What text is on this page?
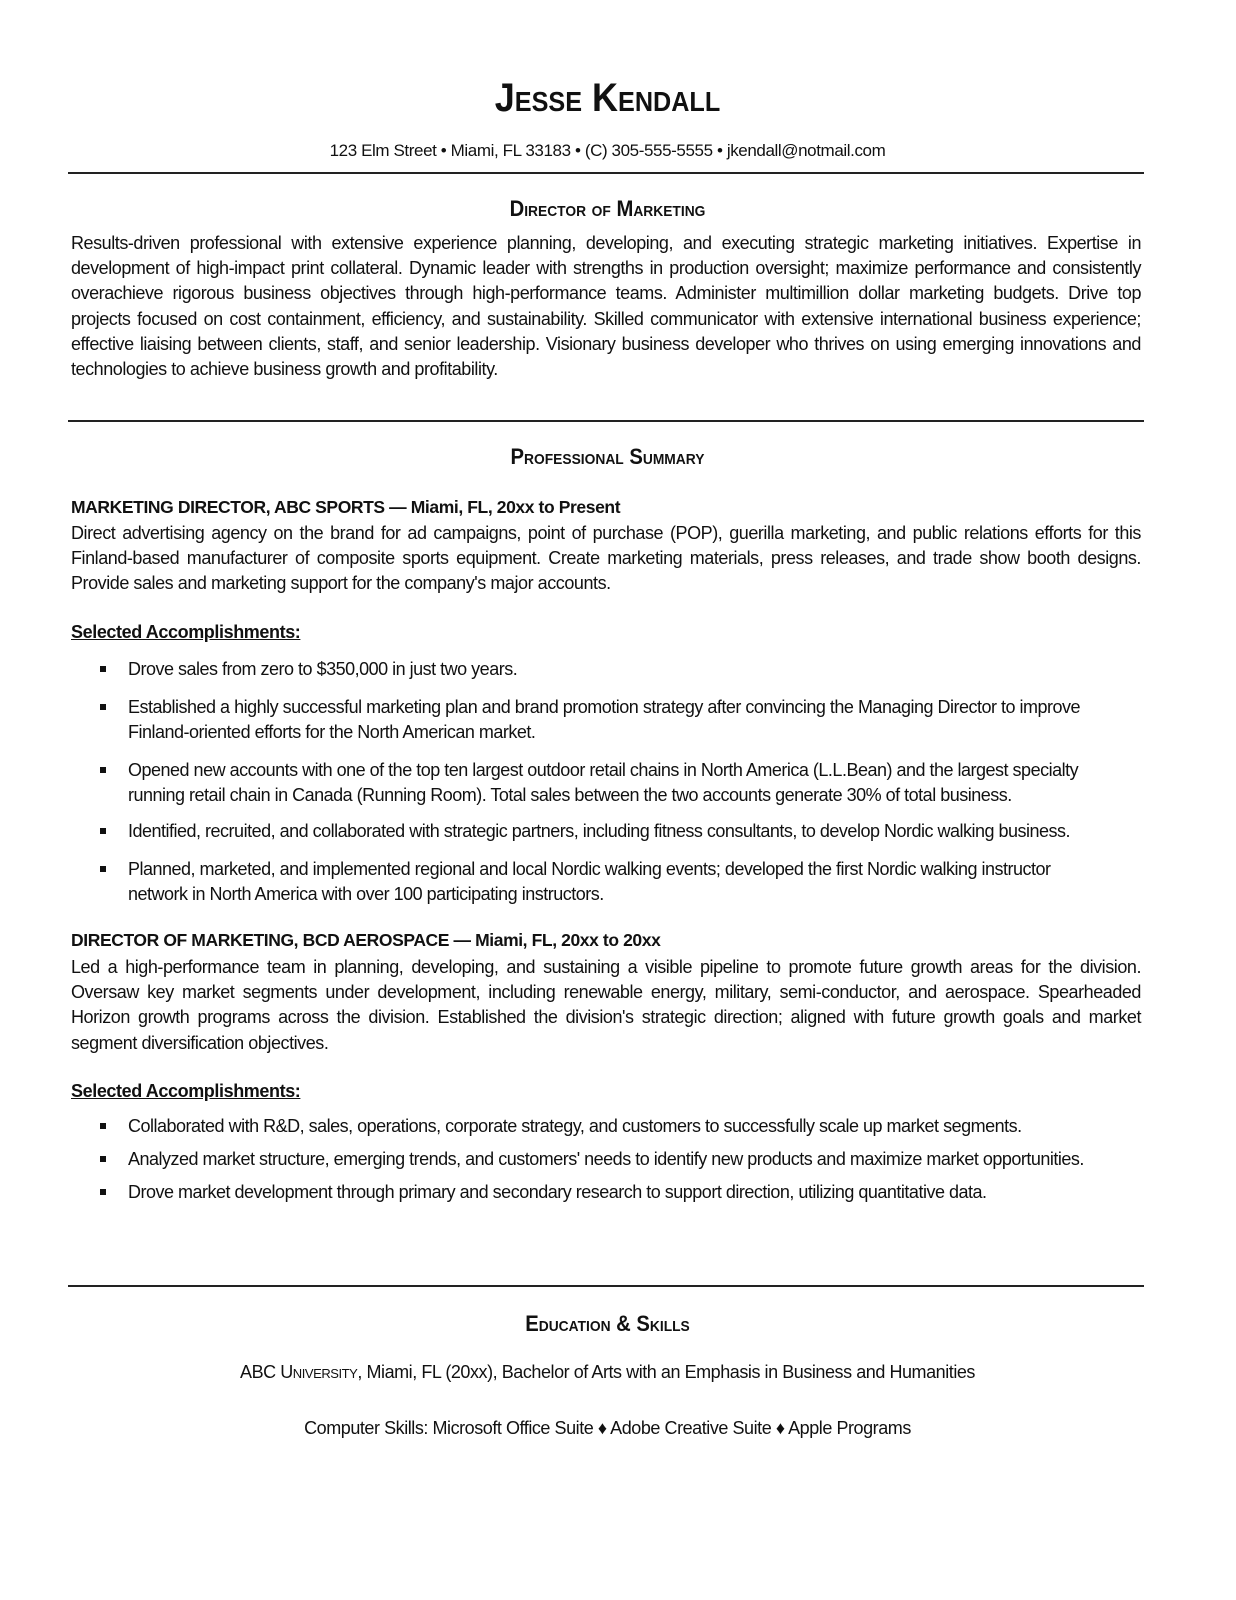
Jesse Kendall
123 Elm Street • Miami, FL 33183 • (C) 305-555-5555 • jkendall@notmail.com
Director of Marketing
Results-driven professional with extensive experience planning, developing, and executing strategic marketing initiatives. Expertise in development of high-impact print collateral. Dynamic leader with strengths in production oversight; maximize performance and consistently overachieve rigorous business objectives through high-performance teams. Administer multimillion dollar marketing budgets. Drive top projects focused on cost containment, efficiency, and sustainability. Skilled communicator with extensive international business experience; effective liaising between clients, staff, and senior leadership. Visionary business developer who thrives on using emerging innovations and technologies to achieve business growth and profitability.
Professional Summary
MARKETING DIRECTOR, ABC SPORTS — Miami, FL, 20xx to Present
Direct advertising agency on the brand for ad campaigns, point of purchase (POP), guerilla marketing, and public relations efforts for this Finland-based manufacturer of composite sports equipment. Create marketing materials, press releases, and trade show booth designs. Provide sales and marketing support for the company's major accounts.
Selected Accomplishments:
Drove sales from zero to $350,000 in just two years.
Established a highly successful marketing plan and brand promotion strategy after convincing the Managing Director to improve Finland-oriented efforts for the North American market.
Opened new accounts with one of the top ten largest outdoor retail chains in North America (L.L.Bean) and the largest specialty running retail chain in Canada (Running Room). Total sales between the two accounts generate 30% of total business.
Identified, recruited, and collaborated with strategic partners, including fitness consultants, to develop Nordic walking business.
Planned, marketed, and implemented regional and local Nordic walking events; developed the first Nordic walking instructor network in North America with over 100 participating instructors.
DIRECTOR OF MARKETING, BCD AEROSPACE — Miami, FL, 20xx to 20xx
Led a high-performance team in planning, developing, and sustaining a visible pipeline to promote future growth areas for the division. Oversaw key market segments under development, including renewable energy, military, semi-conductor, and aerospace. Spearheaded Horizon growth programs across the division. Established the division's strategic direction; aligned with future growth goals and market segment diversification objectives.
Selected Accomplishments:
Collaborated with R&D, sales, operations, corporate strategy, and customers to successfully scale up market segments.
Analyzed market structure, emerging trends, and customers' needs to identify new products and maximize market opportunities.
Drove market development through primary and secondary research to support direction, utilizing quantitative data.
Education & Skills
ABC University, Miami, FL (20xx), Bachelor of Arts with an Emphasis in Business and Humanities
Computer Skills: Microsoft Office Suite ♦ Adobe Creative Suite ♦ Apple Programs
